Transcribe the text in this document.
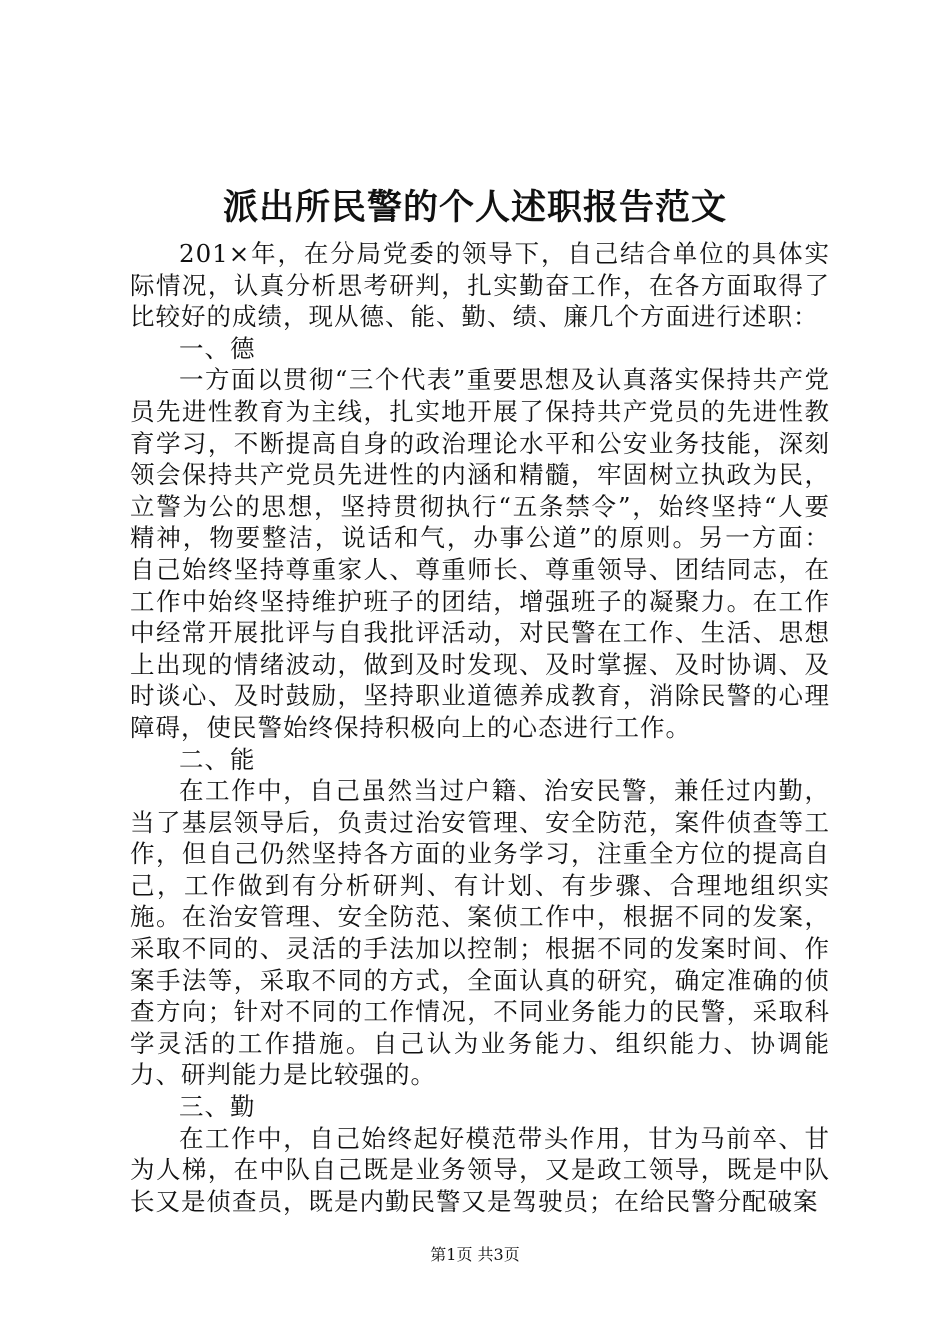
派出所民警的个人述职报告范文

201×年，在分局党委的领导下，自己结合单位的具体实际情况，认真分析思考研判，扎实勤奋工作，在各方面取得了比较好的成绩，现从德、能、勤、绩、廉几个方面进行述职：

一、德

一方面以贯彻“三个代表”重要思想及认真落实保持共产党员先进性教育为主线，扎实地开展了保持共产党员的先进性教育学习，不断提高自身的政治理论水平和公安业务技能，深刻领会保持共产党员先进性的内涵和精髓，牢固树立执政为民，立警为公的思想，坚持贯彻执行“五条禁令”，始终坚持“人要精神，物要整洁，说话和气，办事公道”的原则。另一方面：自己始终坚持尊重家人、尊重师长、尊重领导、团结同志，在工作中始终坚持维护班子的团结，增强班子的凝聚力。在工作中经常开展批评与自我批评活动，对民警在工作、生活、思想上出现的情绪波动，做到及时发现、及时掌握、及时协调、及时谈心、及时鼓励，坚持职业道德养成教育，消除民警的心理障碍，使民警始终保持积极向上的心态进行工作。

二、能

在工作中，自己虽然当过户籍、治安民警，兼任过内勤，当了基层领导后，负责过治安管理、安全防范，案件侦查等工作，但自己仍然坚持各方面的业务学习，注重全方位的提高自己，工作做到有分析研判、有计划、有步骤、合理地组织实施。在治安管理、安全防范、案侦工作中，根据不同的发案，采取不同的、灵活的手法加以控制；根据不同的发案时间、作案手法等，采取不同的方式，全面认真的研究，确定准确的侦查方向；针对不同的工作情况，不同业务能力的民警，采取科学灵活的工作措施。自己认为业务能力、组织能力、协调能力、研判能力是比较强的。

三、勤

在工作中，自己始终起好模范带头作用，甘为马前卒、甘为人梯，在中队自己既是业务领导，又是政工领导，既是中队长又是侦查员，既是内勤民警又是驾驶员；在给民警分配破案

第1页 共3页
